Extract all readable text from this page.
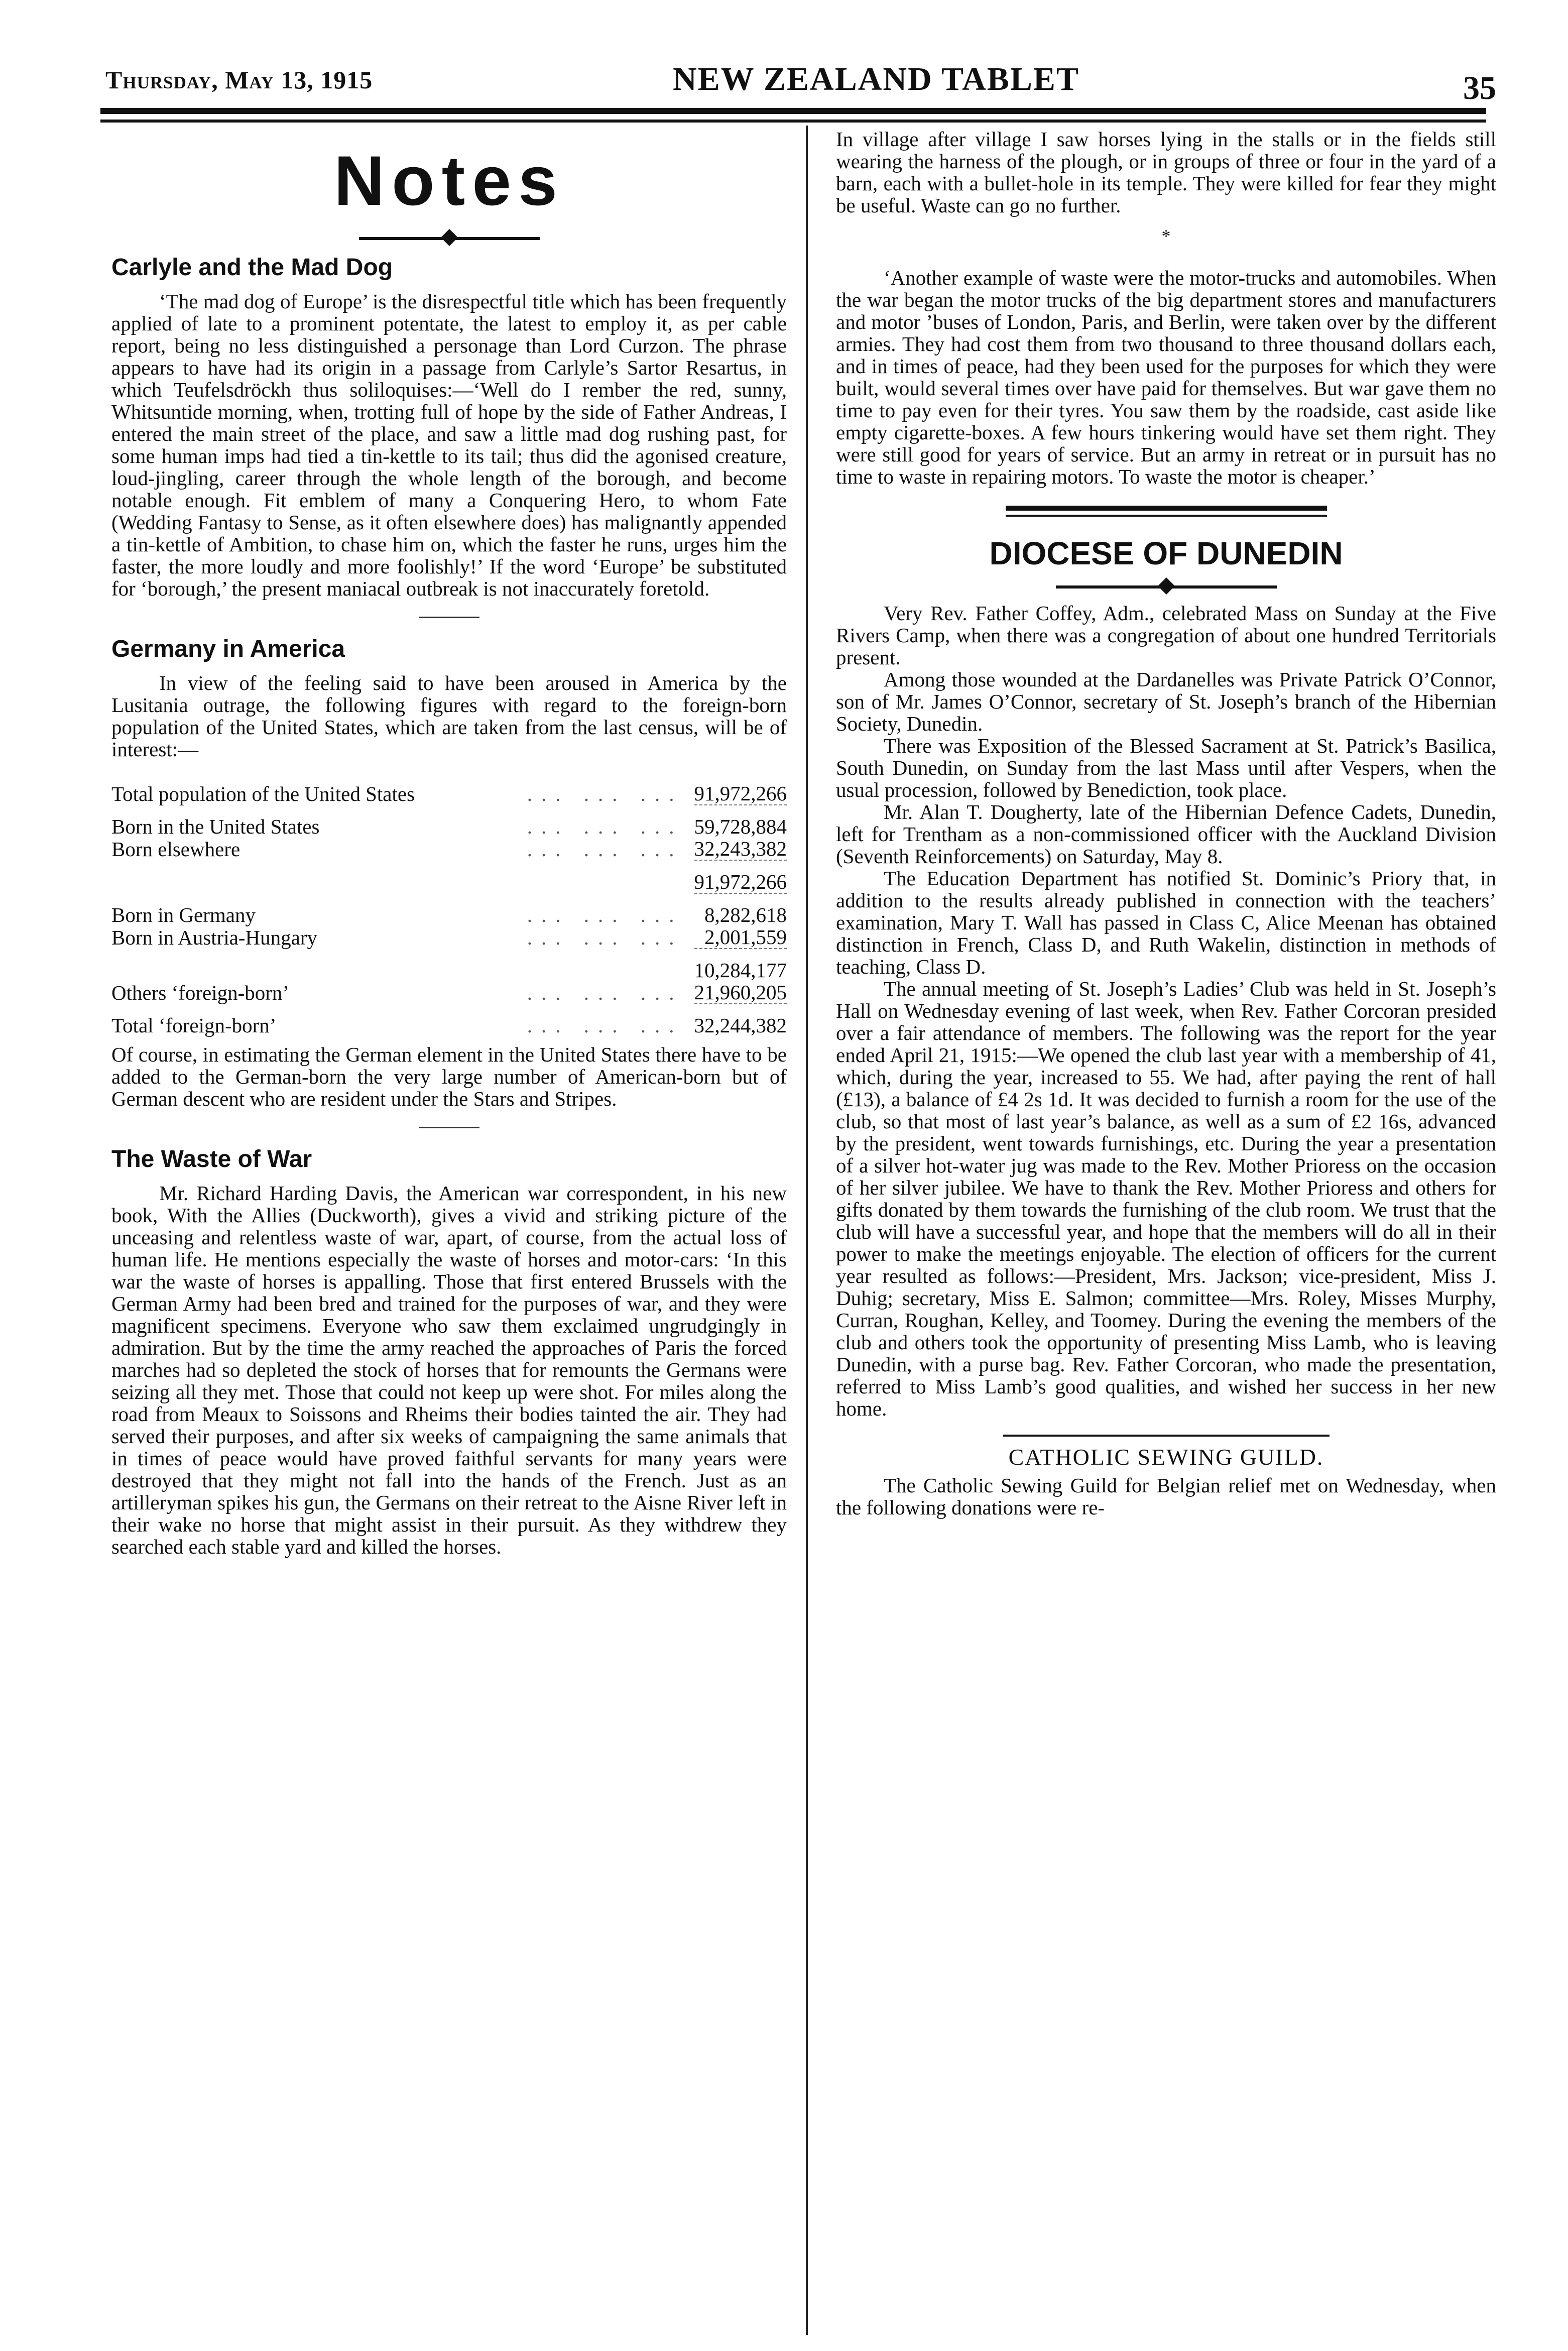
Thursday, May 13, 1915	NEW ZEALAND TABLET	35
Notes
Carlyle and the Mad Dog

‘The mad dog of Europe’ is the disrespectful title which has been frequently applied of late to a prominent potentate, the latest to employ it, as per cable report, being no less distinguished a personage than Lord Curzon. The phrase appears to have had its origin in a passage from Carlyle’s Sartor Resartus, in which Teufelsdröckh thus soliloquises:—‘Well do I rember the red, sunny, Whitsuntide morning, when, trotting full of hope by the side of Father Andreas, I entered the main street of the place, and saw a little mad dog rushing past, for some human imps had tied a tin-kettle to its tail; thus did the agonised creature, loud-jingling, career through the whole length of the borough, and become notable enough. Fit emblem of many a Conquering Hero, to whom Fate (Wedding Fantasy to Sense, as it often elsewhere does) has malignantly appended a tin-kettle of Ambition, to chase him on, which the faster he runs, urges him the faster, the more loudly and more foolishly!’ If the word ‘Europe’ be substituted for ‘borough,’ the present maniacal outbreak is not inaccurately foretold.

Germany in America

In view of the feeling said to have been aroused in America by the Lusitania outrage, the following figures with regard to the foreign-born population of the United States, which are taken from the last census, will be of interest:—

Total population of the United States	... ... ...	91,972,266

Born in the United States	... ... ...	59,728,884
Born elsewhere	... ... ...	32,243,382

		91,972,266

Born in Germany	... ... ...	8,282,618
Born in Austria-Hungary	... ... ...	2,001,559

		10,284,177
Others ‘foreign-born’	... ... ...	21,960,205

Total ‘foreign-born’	... ... ...	32,244,382

Of course, in estimating the German element in the United States there have to be added to the German-born the very large number of American-born but of German descent who are resident under the Stars and Stripes.

The Waste of War

Mr. Richard Harding Davis, the American war correspondent, in his new book, With the Allies (Duckworth), gives a vivid and striking picture of the unceasing and relentless waste of war, apart, of course, from the actual loss of human life. He mentions especially the waste of horses and motor-cars: ‘In this war the waste of horses is appalling. Those that first entered Brussels with the German Army had been bred and trained for the purposes of war, and they were magnificent specimens. Everyone who saw them exclaimed ungrudgingly in admiration. But by the time the army reached the approaches of Paris the forced marches had so depleted the stock of horses that for remounts the Germans were seizing all they met. Those that could not keep up were shot. For miles along the road from Meaux to Soissons and Rheims their bodies tainted the air. They had served their purposes, and after six weeks of campaigning the same animals that in times of peace would have proved faithful servants for many years were destroyed that they might not fall into the hands of the French. Just as an artilleryman spikes his gun, the Germans on their retreat to the Aisne River left in their wake no horse that might assist in their pursuit. As they withdrew they searched each stable yard and killed the horses.

In village after village I saw horses lying in the stalls or in the fields still wearing the harness of the plough, or in groups of three or four in the yard of a barn, each with a bullet-hole in its temple. They were killed for fear they might be useful. Waste can go no further.

*

‘Another example of waste were the motor-trucks and automobiles. When the war began the motor trucks of the big department stores and manufacturers and motor ’buses of London, Paris, and Berlin, were taken over by the different armies. They had cost them from two thousand to three thousand dollars each, and in times of peace, had they been used for the purposes for which they were built, would several times over have paid for themselves. But war gave them no time to pay even for their tyres. You saw them by the roadside, cast aside like empty cigarette-boxes. A few hours tinkering would have set them right. They were still good for years of service. But an army in retreat or in pursuit has no time to waste in repairing motors. To waste the motor is cheaper.’

DIOCESE OF DUNEDIN

Very Rev. Father Coffey, Adm., celebrated Mass on Sunday at the Five Rivers Camp, when there was a congregation of about one hundred Territorials present.

Among those wounded at the Dardanelles was Private Patrick O’Connor, son of Mr. James O’Connor, secretary of St. Joseph’s branch of the Hibernian Society, Dunedin.

There was Exposition of the Blessed Sacrament at St. Patrick’s Basilica, South Dunedin, on Sunday from the last Mass until after Vespers, when the usual procession, followed by Benediction, took place.

Mr. Alan T. Dougherty, late of the Hibernian Defence Cadets, Dunedin, left for Trentham as a non-commissioned officer with the Auckland Division (Seventh Reinforcements) on Saturday, May 8.

The Education Department has notified St. Dominic’s Priory that, in addition to the results already published in connection with the teachers’ examination, Mary T. Wall has passed in Class C, Alice Meenan has obtained distinction in French, Class D, and Ruth Wakelin, distinction in methods of teaching, Class D.

The annual meeting of St. Joseph’s Ladies’ Club was held in St. Joseph’s Hall on Wednesday evening of last week, when Rev. Father Corcoran presided over a fair attendance of members. The following was the report for the year ended April 21, 1915:—We opened the club last year with a membership of 41, which, during the year, increased to 55. We had, after paying the rent of hall (£13), a balance of £4 2s 1d. It was decided to furnish a room for the use of the club, so that most of last year’s balance, as well as a sum of £2 16s, advanced by the president, went towards furnishings, etc. During the year a presentation of a silver hot-water jug was made to the Rev. Mother Prioress on the occasion of her silver jubilee. We have to thank the Rev. Mother Prioress and others for gifts donated by them towards the furnishing of the club room. We trust that the club will have a successful year, and hope that the members will do all in their power to make the meetings enjoyable. The election of officers for the current year resulted as follows:—President, Mrs. Jackson; vice-president, Miss J. Duhig; secretary, Miss E. Salmon; committee—Mrs. Roley, Misses Murphy, Curran, Roughan, Kelley, and Toomey. During the evening the members of the club and others took the opportunity of presenting Miss Lamb, who is leaving Dunedin, with a purse bag. Rev. Father Corcoran, who made the presentation, referred to Miss Lamb’s good qualities, and wished her success in her new home.

CATHOLIC SEWING GUILD.

The Catholic Sewing Guild for Belgian relief met on Wednesday, when the following donations were re-
